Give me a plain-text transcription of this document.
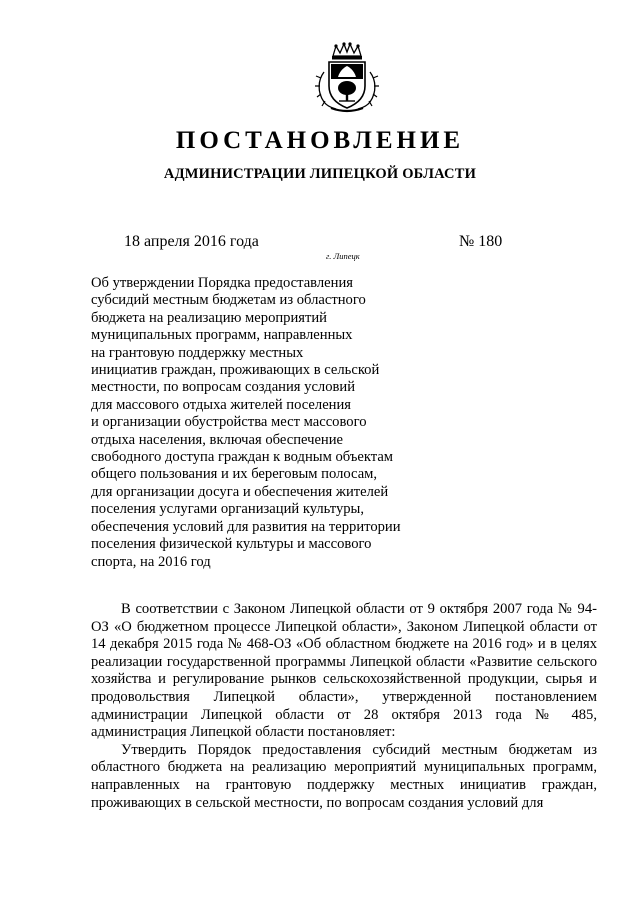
ПОСТАНОВЛЕНИЕ
АДМИНИСТРАЦИИ ЛИПЕЦКОЙ ОБЛАСТИ
18 апреля 2016 года
г. Липецк
№ 180
Об утверждении Порядка предоставления
субсидий местным бюджетам из областного
бюджета на реализацию мероприятий
муниципальных программ, направленных
на грантовую поддержку местных
инициатив граждан, проживающих в сельской
местности, по вопросам создания условий
для массового отдыха жителей поселения
и организации обустройства мест массового
отдыха населения, включая обеспечение
свободного доступа граждан к водным объектам
общего пользования и их береговым полосам,
для организации досуга и обеспечения жителей
поселения услугами организаций культуры,
обеспечения условий для развития на территории
поселения физической культуры и массового
спорта, на 2016 год

В соответствии с Законом Липецкой области от 9 октября 2007 года № 94-ОЗ «О бюджетном процессе Липецкой области», Законом Липецкой области от 14 декабря 2015 года № 468-ОЗ «Об областном бюджете на 2016 год» и в целях реализации государственной программы Липецкой области «Развитие сельского хозяйства и регулирование рынков сельскохозяйственной продукции, сырья и продовольствия Липецкой области», утвержденной постановлением администрации Липецкой области от 28 октября 2013 года № 485, администрация Липецкой области постановляет:

Утвердить Порядок предоставления субсидий местным бюджетам из областного бюджета на реализацию мероприятий муниципальных программ, направленных на грантовую поддержку местных инициатив граждан, проживающих в сельской местности, по вопросам создания условий для
